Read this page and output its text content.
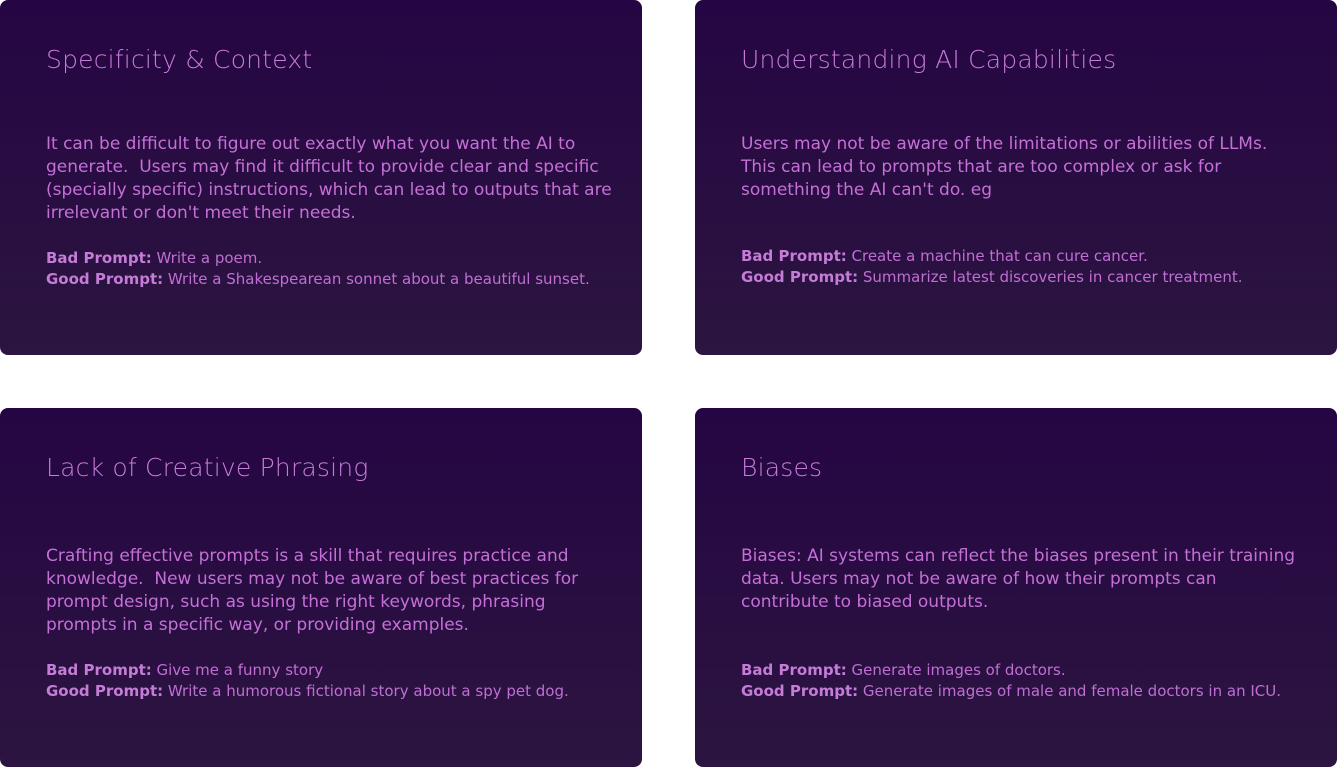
Specificity & Context

It can be difficult to figure out exactly what you want the AI to generate.  Users may find it difficult to provide clear and specific (specially specific) instructions, which can lead to outputs that are irrelevant or don't meet their needs.

Bad Prompt: Write a poem.
Good Prompt: Write a Shakespearean sonnet about a beautiful sunset.
Understanding AI Capabilities

Users may not be aware of the limitations or abilities of LLMs. This can lead to prompts that are too complex or ask for something the AI can't do. eg

Bad Prompt: Create a machine that can cure cancer.
Good Prompt: Summarize latest discoveries in cancer treatment.
Lack of Creative Phrasing

Crafting effective prompts is a skill that requires practice and knowledge.  New users may not be aware of best practices for prompt design, such as using the right keywords, phrasing prompts in a specific way, or providing examples.

Bad Prompt: Give me a funny story
Good Prompt: Write a humorous fictional story about a spy pet dog.
Biases

Biases: AI systems can reflect the biases present in their training data. Users may not be aware of how their prompts can contribute to biased outputs.

Bad Prompt: Generate images of doctors.
Good Prompt: Generate images of male and female doctors in an ICU.
